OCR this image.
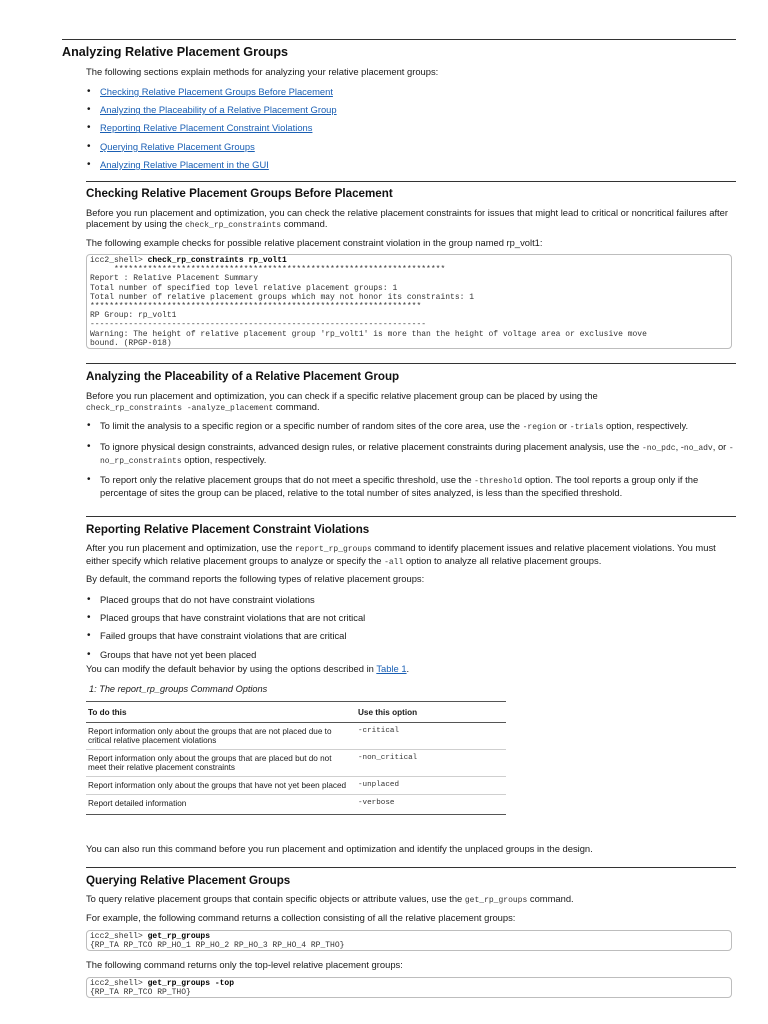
Analyzing Relative Placement Groups

The following sections explain methods for analyzing your relative placement groups:

• Checking Relative Placement Groups Before Placement
• Analyzing the Placeability of a Relative Placement Group
• Reporting Relative Placement Constraint Violations
• Querying Relative Placement Groups
• Analyzing Relative Placement in the GUI
Checking Relative Placement Groups Before Placement

Before you run placement and optimization, you can check the relative placement constraints for issues that might lead to critical or noncritical failures after placement by using the check_rp_constraints command.

The following example checks for possible relative placement constraint violation in the group named rp_volt1:

icc2_shell> check_rp_constraints rp_volt1
*********************************************************************
Report : Relative Placement Summary
Total number of specified top level relative placement groups: 1
Total number of relative placement groups which may not honor its constraints: 1
*********************************************************************
RP Group: rp_volt1
----------------------------------------------------------------------
Warning: The height of relative placement group 'rp_volt1' is more than the height of voltage area or exclusive move
bound. (RPGP-018)
Analyzing the Placeability of a Relative Placement Group

Before you run placement and optimization, you can check if a specific relative placement group can be placed by using the
check_rp_constraints -analyze_placement command.

• To limit the analysis to a specific region or a specific number of random sites of the core area, use the -region or -trials option, respectively.
• To ignore physical design constraints, advanced design rules, or relative placement constraints during placement analysis, use the -no_pdc, -no_adv, or -no_rp_constraints option, respectively.
• To report only the relative placement groups that do not meet a specific threshold, use the -threshold option. The tool reports a group only if the percentage of sites the group can be placed, relative to the total number of sites analyzed, is less than the specified threshold.
Reporting Relative Placement Constraint Violations

After you run placement and optimization, use the report_rp_groups command to identify placement issues and relative placement violations. You must either specify which relative placement groups to analyze or specify the -all option to analyze all relative placement groups.

By default, the command reports the following types of relative placement groups:

• Placed groups that do not have constraint violations
• Placed groups that have constraint violations that are not critical
• Failed groups that have constraint violations that are critical
• Groups that have not yet been placed

You can modify the default behavior by using the options described in Table 1.

1: The report_rp_groups Command Options

To do this	Use this option
Report information only about the groups that are not placed due to critical relative placement violations	-critical
Report information only about the groups that are placed but do not meet their relative placement constraints	-non_critical
Report information only about the groups that have not yet been placed	-unplaced
Report detailed information	-verbose

You can also run this command before you run placement and optimization and identify the unplaced groups in the design.

Querying Relative Placement Groups

To query relative placement groups that contain specific objects or attribute values, use the get_rp_groups command.

For example, the following command returns a collection consisting of all the relative placement groups:

icc2_shell> get_rp_groups
{RP_TA RP_TCO RP_HO_1 RP_HO_2 RP_HO_3 RP_HO_4 RP_THO}

The following command returns only the top-level relative placement groups:

icc2_shell> get_rp_groups -top
{RP_TA RP_TCO RP_THO}
